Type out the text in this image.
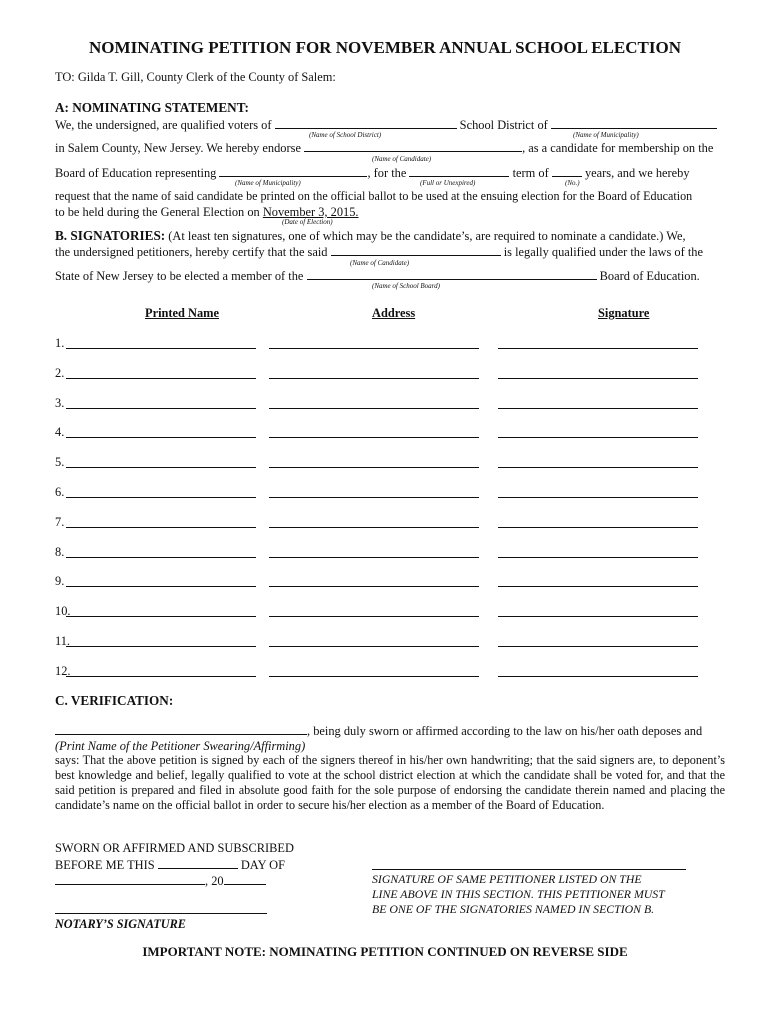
NOMINATING PETITION FOR NOVEMBER ANNUAL SCHOOL ELECTION
TO: Gilda T. Gill, County Clerk of the County of Salem:
A: NOMINATING STATEMENT:
We, the undersigned, are qualified voters of	School District of
(Name of School District)	(Name of Municipality)
in Salem County, New Jersey. We hereby endorse	, as a candidate for membership on the
(Name of Candidate)
Board of Education representing	, for the	term of	years, and we hereby
(Name of Municipality)	(Full or Unexpired)	(No.)
request that the name of said candidate be printed on the official ballot to be used at the ensuing election for the Board of Education
to be held during the General Election on November 3, 2015.
(Date of Election)
B. SIGNATORIES: (At least ten signatures, one of which may be the candidate’s, are required to nominate a candidate.) We,
the undersigned petitioners, hereby certify that the said	is legally qualified under the laws of the
(Name of Candidate)
State of New Jersey to be elected a member of the	Board of Education.
(Name of School Board)
Printed Name	Address	Signature
1.
2.
3.
4.
5.
6.
7.
8.
9.
10.
11.
12.
C. VERIFICATION:
, being duly sworn or affirmed according to the law on his/her oath deposes and
(Print Name of the Petitioner Swearing/Affirming)
says: That the above petition is signed by each of the signers thereof in his/her own handwriting; that the said signers are, to deponent’s best knowledge and belief, legally qualified to vote at the school district election at which the candidate shall be voted for, and that the said petition is prepared and filed in absolute good faith for the sole purpose of endorsing the candidate therein named and placing the candidate’s name on the official ballot in order to secure his/her election as a member of the Board of Education.
SWORN OR AFFIRMED AND SUBSCRIBED
BEFORE ME THIS	DAY OF
, 20
NOTARY’S SIGNATURE
SIGNATURE OF SAME PETITIONER LISTED ON THE
LINE ABOVE IN THIS SECTION. THIS PETITIONER MUST
BE ONE OF THE SIGNATORIES NAMED IN SECTION B.
IMPORTANT NOTE: NOMINATING PETITION CONTINUED ON REVERSE SIDE
